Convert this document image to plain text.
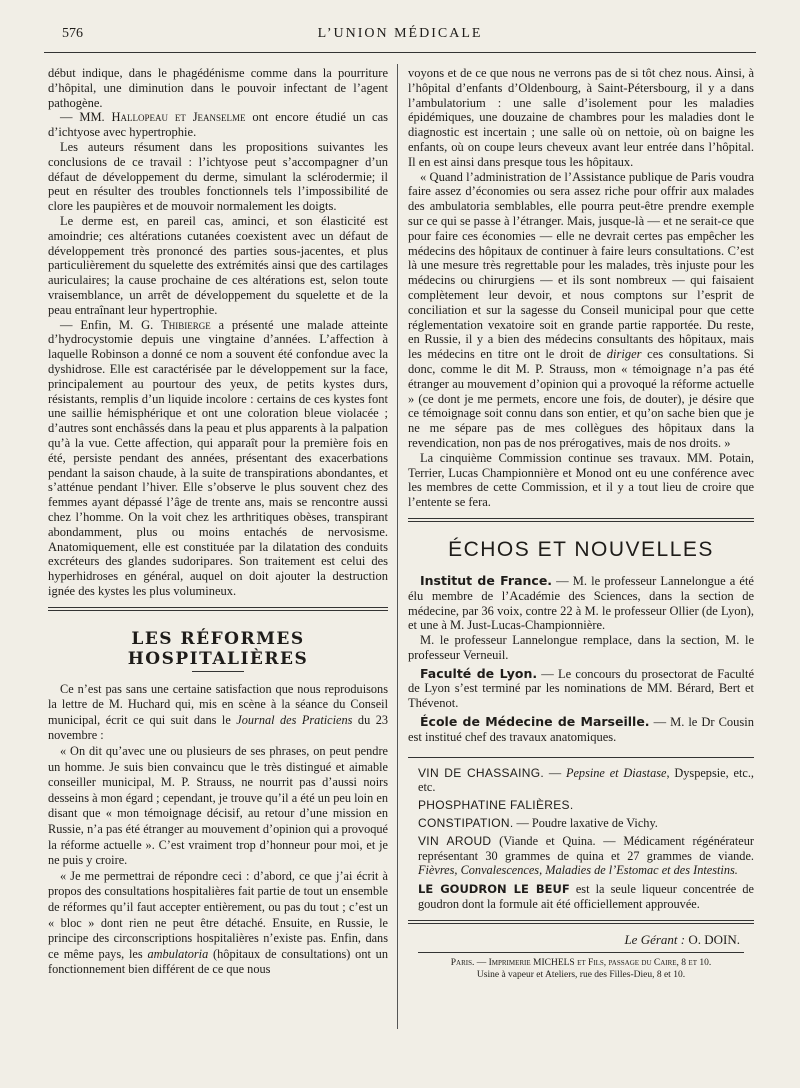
576	L’UNION MÉDICALE

début indique, dans le phagédénisme comme dans la pourriture d’hôpital, une diminution dans le pouvoir infectant de l’agent pathogène.

— MM. Hallopeau et Jeanselme ont encore étudié un cas d’ichtyose avec hypertrophie.

Les auteurs résument dans les propositions suivantes les conclusions de ce travail : l’ichtyose peut s’accompagner d’un défaut de développement du derme, simulant la sclérodermie; il peut en résulter des troubles fonctionnels tels l’impossibilité de clore les paupières et de mouvoir normalement les doigts.

Le derme est, en pareil cas, aminci, et son élasticité est amoindrie; ces altérations cutanées coexistent avec un défaut de développement très prononcé des parties sous-jacentes, et plus particulièrement du squelette des extrémités ainsi que des cartilages auriculaires; la cause prochaine de ces altérations est, selon toute vraisemblance, un arrêt de développement du squelette et de la peau entraînant leur hypertrophie.

— Enfin, M. G. Thibierge a présenté une malade atteinte d’hydrocystomie depuis une vingtaine d’années. L’affection à laquelle Robinson a donné ce nom a souvent été confondue avec la dyshidrose. Elle est caractérisée par le développement sur la face, principalement au pourtour des yeux, de petits kystes durs, résistants, remplis d’un liquide incolore : certains de ces kystes font une saillie hémisphérique et ont une coloration bleue violacée ; d’autres sont enchâssés dans la peau et plus apparents à la palpation qu’à la vue. Cette affection, qui apparaît pour la première fois en été, persiste pendant des années, présentant des exacerbations pendant la saison chaude, à la suite de transpirations abondantes, et s’atténue pendant l’hiver. Elle s’observe le plus souvent chez des femmes ayant dépassé l’âge de trente ans, mais se rencontre aussi chez l’homme. On la voit chez les arthritiques obèses, transpirant abondamment, plus ou moins entachés de nervosisme. Anatomiquement, elle est constituée par la dilatation des conduits excréteurs des glandes sudoripares. Son traitement est celui des hyperhidroses en général, auquel on doit ajouter la destruction ignée des kystes les plus volumineux.

LES RÉFORMES HOSPITALIÈRES

Ce n’est pas sans une certaine satisfaction que nous reproduisons la lettre de M. Huchard qui, mis en scène à la séance du Conseil municipal, écrit ce qui suit dans le Journal des Praticiens du 23 novembre :

« On dit qu’avec une ou plusieurs de ses phrases, on peut pendre un homme. Je suis bien convaincu que le très distingué et aimable conseiller municipal, M. P. Strauss, ne nourrit pas d’aussi noirs desseins à mon égard ; cependant, je trouve qu’il a été un peu loin en disant que « mon témoignage décisif, au retour d’une mission en Russie, n’a pas été étranger au mouvement d’opinion qui a provoqué la réforme actuelle ». C’est vraiment trop d’honneur pour moi, et je ne puis y croire.

« Je me permettrai de répondre ceci : d’abord, ce que j’ai écrit à propos des consultations hospitalières fait partie de tout un ensemble de réformes qu’il faut accepter entièrement, ou pas du tout ; c’est un « bloc » dont rien ne peut être détaché. Ensuite, en Russie, le principe des circonscriptions hospitalières n’existe pas. Enfin, dans ce même pays, les ambulatoria (hôpitaux de consultations) ont un fonctionnement bien différent de ce que nous

voyons et de ce que nous ne verrons pas de si tôt chez nous. Ainsi, à l’hôpital d’enfants d’Oldenbourg, à Saint-Pétersbourg, il y a dans l’ambulatorium : une salle d’isolement pour les maladies épidémiques, une douzaine de chambres pour les maladies dont le diagnostic est incertain ; une salle où on nettoie, où on baigne les enfants, où on coupe leurs cheveux avant leur entrée dans l’hôpital. Il en est ainsi dans presque tous les hôpitaux.

« Quand l’administration de l’Assistance publique de Paris voudra faire assez d’économies ou sera assez riche pour offrir aux malades des ambulatoria semblables, elle pourra peut-être prendre exemple sur ce qui se passe à l’étranger. Mais, jusque-là — et ne serait-ce que pour faire ces économies — elle ne devrait certes pas empêcher les médecins des hôpitaux de continuer à faire leurs consultations. C’est là une mesure très regrettable pour les malades, très injuste pour les médecins ou chirurgiens — et ils sont nombreux — qui faisaient complètement leur devoir, et nous comptons sur l’esprit de conciliation et sur la sagesse du Conseil municipal pour que cette réglementation vexatoire soit en grande partie rapportée. Du reste, en Russie, il y a bien des médecins consultants des hôpitaux, mais les médecins en titre ont le droit de diriger ces consultations. Si donc, comme le dit M. P. Strauss, mon « témoignage n’a pas été étranger au mouvement d’opinion qui a provoqué la réforme actuelle » (ce dont je me permets, encore une fois, de douter), je désire que ce témoignage soit connu dans son entier, et qu’on sache bien que je ne me sépare pas de mes collègues des hôpitaux dans la revendication, non pas de nos prérogatives, mais de nos droits. »

La cinquième Commission continue ses travaux. MM. Potain, Terrier, Lucas Championnière et Monod ont eu une conférence avec les membres de cette Commission, et il y a tout lieu de croire que l’entente se fera.

ÉCHOS ET NOUVELLES

Institut de France. — M. le professeur Lannelongue a été élu membre de l’Académie des Sciences, dans la section de médecine, par 36 voix, contre 22 à M. le professeur Ollier (de Lyon), et une à M. Just-Lucas-Championnière.

M. le professeur Lannelongue remplace, dans la section, M. le professeur Verneuil.

Faculté de Lyon. — Le concours du prosectorat de Faculté de Lyon s’est terminé par les nominations de MM. Bérard, Bert et Thévenot.

École de Médecine de Marseille. — M. le Dr Cousin est institué chef des travaux anatomiques.

VIN DE CHASSAING. — Pepsine et Diastase, Dyspepsie, etc., etc.

PHOSPHATINE FALIÈRES.

CONSTIPATION. — Poudre laxative de Vichy.

VIN AROUD (Viande et Quina. — Médicament régénérateur représentant 30 grammes de quina et 27 grammes de viande. Fièvres, Convalescences, Maladies de l’Estomac et des Intestins.

LE GOUDRON LE BEUF est la seule liqueur concentrée de goudron dont la formule ait été officiellement approuvée.

Le Gérant : O. DOIN.
Paris. — Imprimerie MICHELS et Fils, passage du Caire, 8 et 10.
Usine à vapeur et Ateliers, rue des Filles-Dieu, 8 et 10.
